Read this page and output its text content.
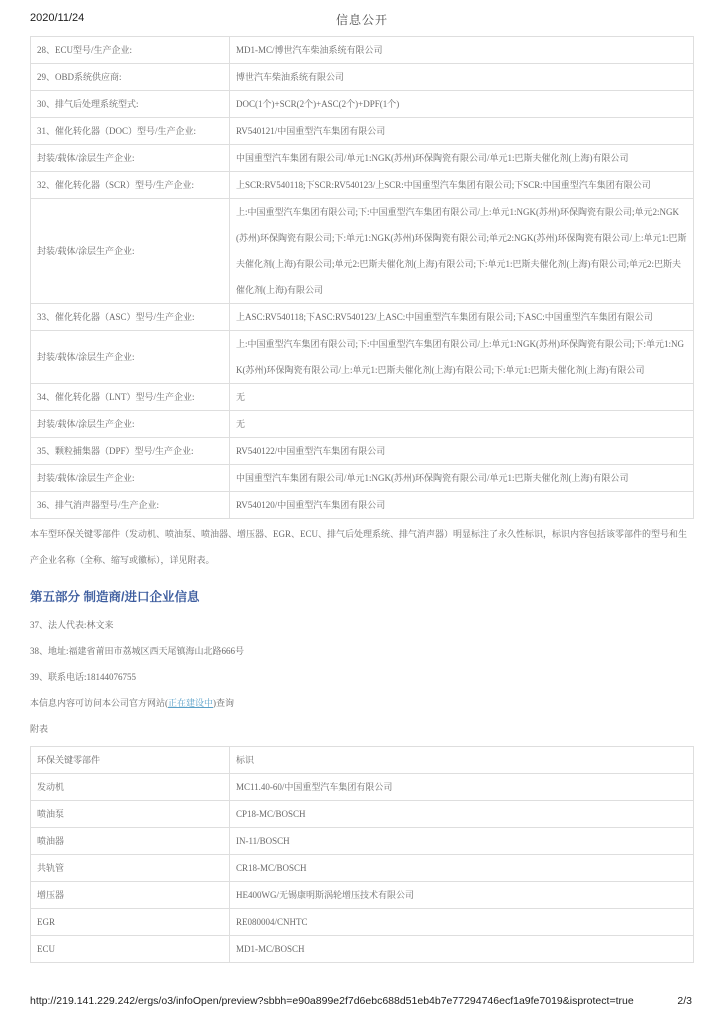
2020/11/24	信息公开
28、ECU型号/生产企业:	MD1-MC/博世汽车柴油系统有限公司
29、OBD系统供应商:	博世汽车柴油系统有限公司
30、排气后处理系统型式:	DOC(1个)+SCR(2个)+ASC(2个)+DPF(1个)
31、催化转化器（DOC）型号/生产企业:	RV540121/中国重型汽车集团有限公司
封装/载体/涂层生产企业:	中国重型汽车集团有限公司/单元1:NGK(苏州)环保陶瓷有限公司/单元1:巴斯夫催化剂(上海)有限公司
32、催化转化器（SCR）型号/生产企业:	上SCR:RV540118;下SCR:RV540123/上SCR:中国重型汽车集团有限公司;下SCR:中国重型汽车集团有限公司
封装/载体/涂层生产企业:	上:中国重型汽车集团有限公司;下:中国重型汽车集团有限公司/上:单元1:NGK(苏州)环保陶瓷有限公司;单元2:NGK(苏州)环保陶瓷有限公司;下:单元1:NGK(苏州)环保陶瓷有限公司;单元2:NGK(苏州)环保陶瓷有限公司/上:单元1:巴斯夫催化剂(上海)有限公司;单元2:巴斯夫催化剂(上海)有限公司;下:单元1:巴斯夫催化剂(上海)有限公司;单元2:巴斯夫催化剂(上海)有限公司
33、催化转化器（ASC）型号/生产企业:	上ASC:RV540118;下ASC:RV540123/上ASC:中国重型汽车集团有限公司;下ASC:中国重型汽车集团有限公司
封装/载体/涂层生产企业:	上:中国重型汽车集团有限公司;下:中国重型汽车集团有限公司/上:单元1:NGK(苏州)环保陶瓷有限公司;下:单元1:NGK(苏州)环保陶瓷有限公司/上:单元1:巴斯夫催化剂(上海)有限公司;下:单元1:巴斯夫催化剂(上海)有限公司
34、催化转化器（LNT）型号/生产企业:	无
封装/载体/涂层生产企业:	无
35、颗粒捕集器（DPF）型号/生产企业:	RV540122/中国重型汽车集团有限公司
封装/载体/涂层生产企业:	中国重型汽车集团有限公司/单元1:NGK(苏州)环保陶瓷有限公司/单元1:巴斯夫催化剂(上海)有限公司
36、排气消声器型号/生产企业:	RV540120/中国重型汽车集团有限公司
本车型环保关键零部件（发动机、喷油泵、喷油器、增压器、EGR、ECU、排气后处理系统、排气消声器）明显标注了永久性标识，标识内容包括该零部件的型号和生产企业名称（全称、缩写或徽标），详见附表。
第五部分 制造商/进口企业信息
37、法人代表:林文来
38、地址:福建省莆田市荔城区西天尾镇海山北路666号
39、联系电话:18144076755
本信息内容可访问本公司官方网站(正在建设中)查询
附表
环保关键零部件	标识
发动机	MC11.40-60/中国重型汽车集团有限公司
喷油泵	CP18-MC/BOSCH
喷油器	IN-11/BOSCH
共轨管	CR18-MC/BOSCH
增压器	HE400WG/无锡康明斯涡轮增压技术有限公司
EGR	RE080004/CNHTC
ECU	MD1-MC/BOSCH
http://219.141.229.242/ergs/o3/infoOpen/preview?sbbh=e90a899e2f7d6ebc688d51eb4b7e77294746ecf1a9fe7019&isprotect=true	2/3
